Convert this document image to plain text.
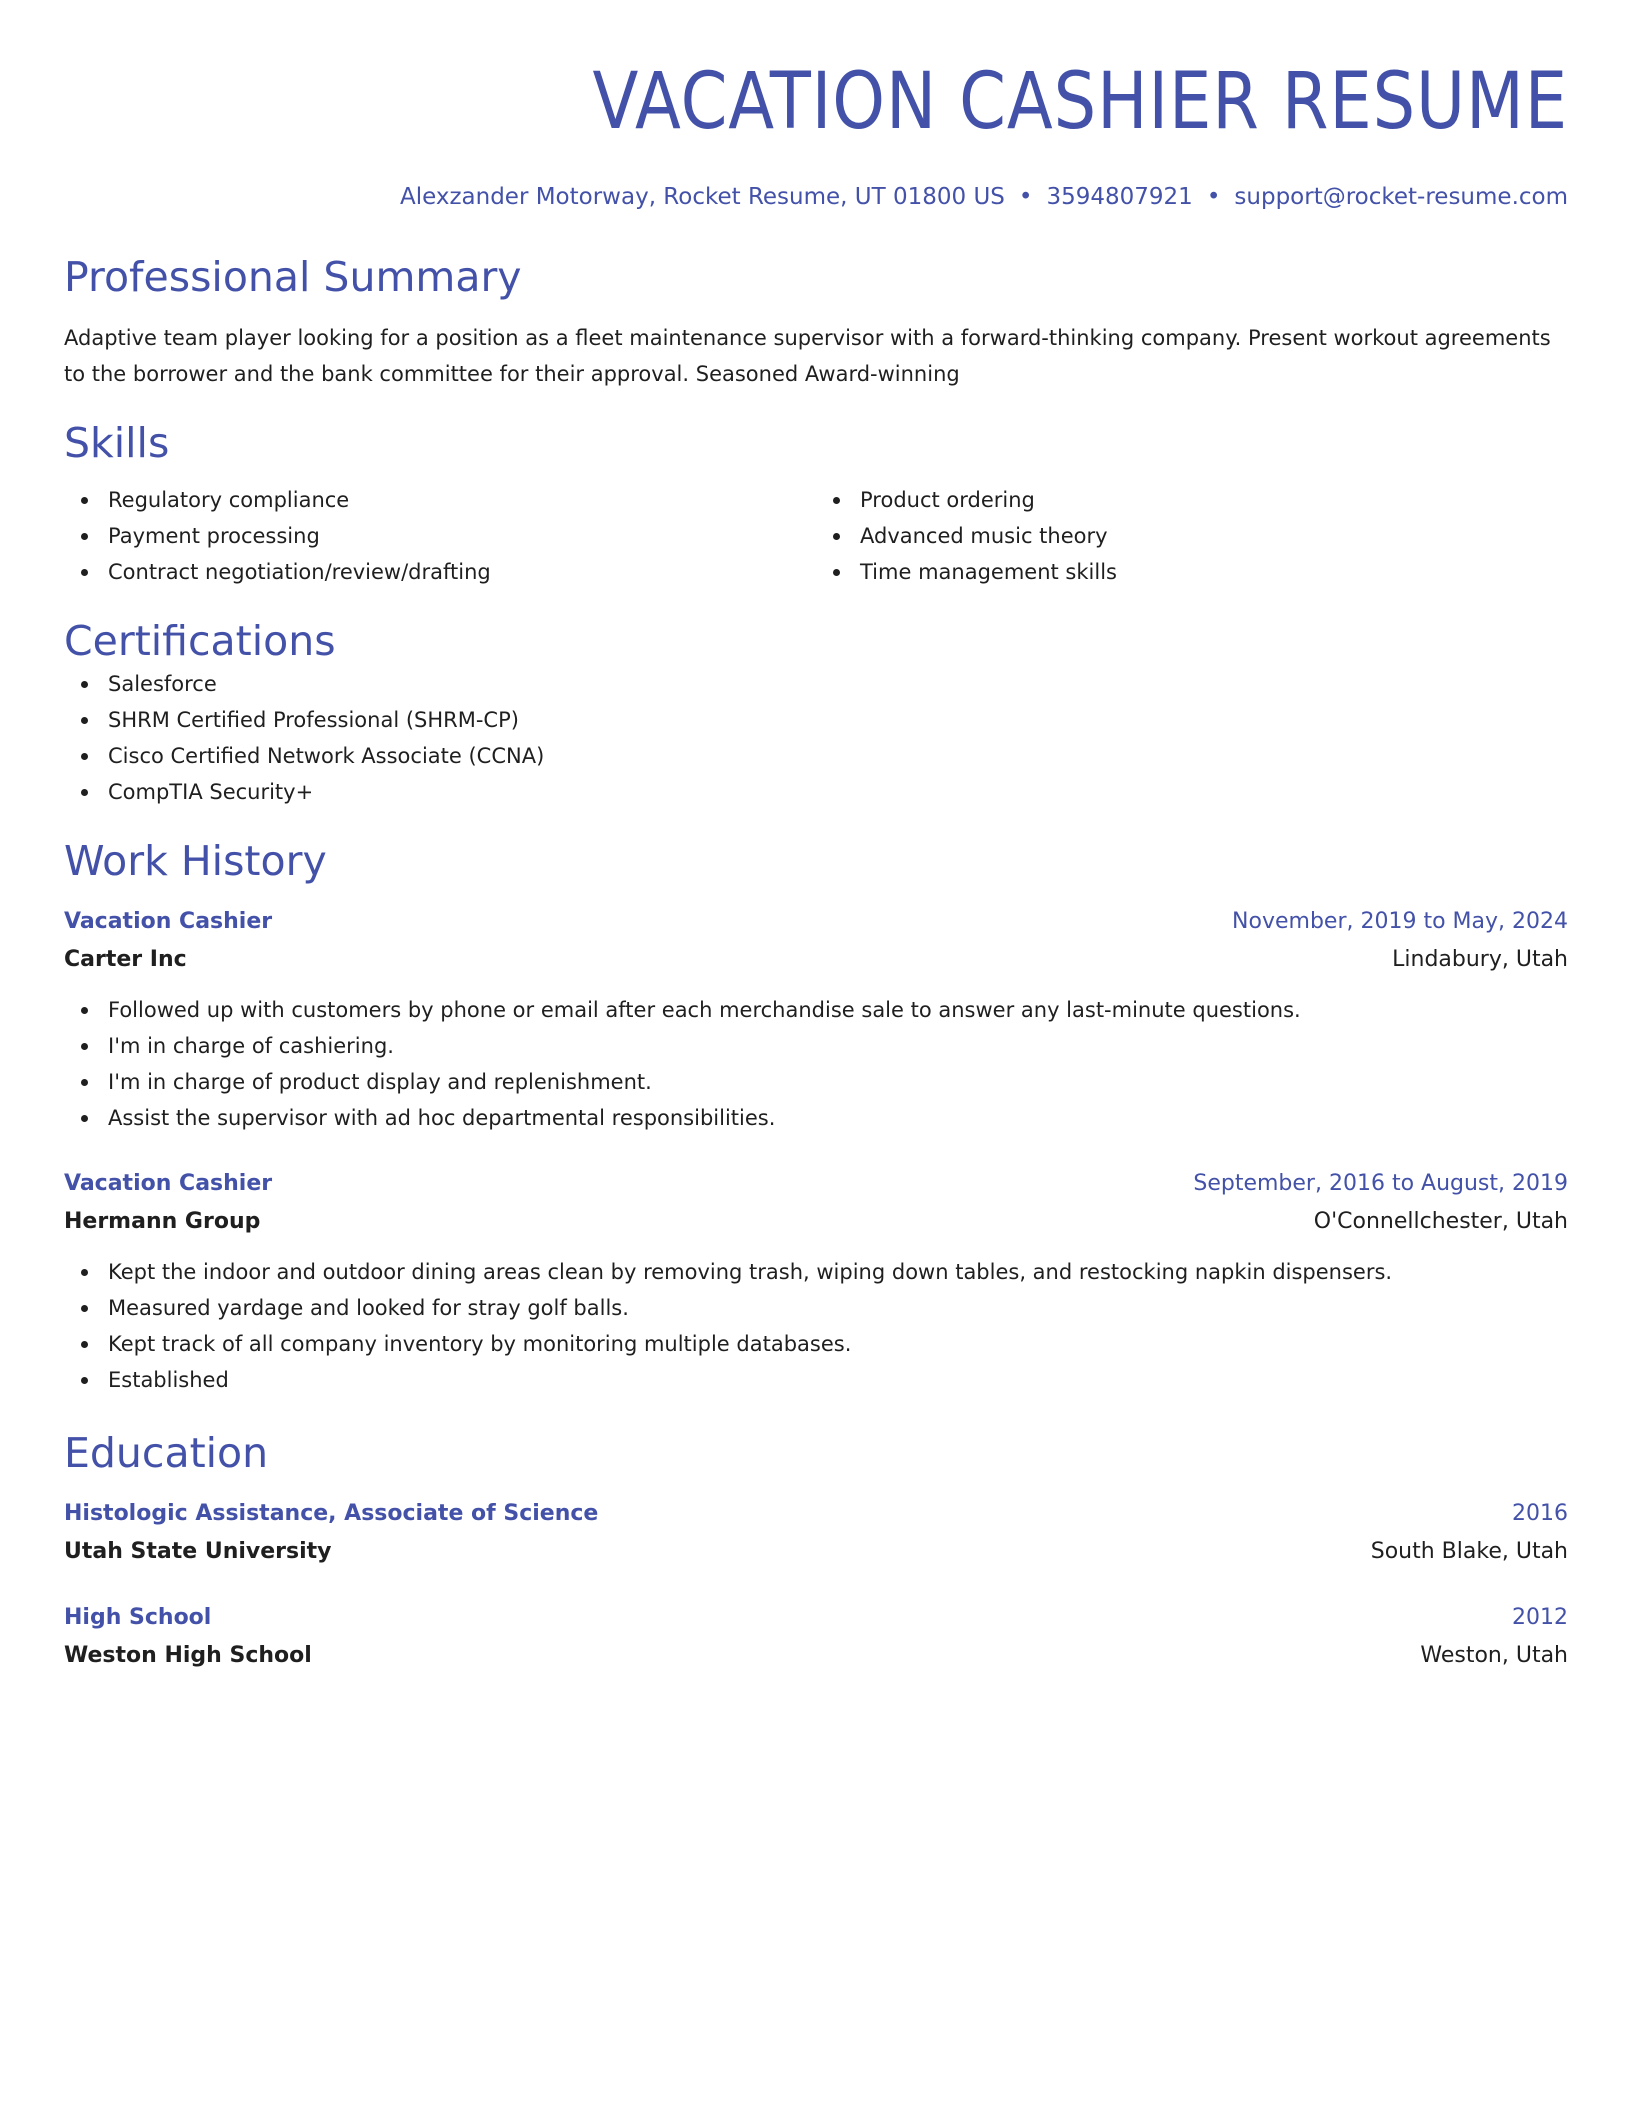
VACATION CASHIER RESUME
Alexzander Motorway, Rocket Resume, UT 01800 US • 3594807921 • support@rocket-resume.com
Professional Summary

Adaptive team player looking for a position as a fleet maintenance supervisor with a forward-thinking company. Present workout agreements to the borrower and the bank committee for their approval. Seasoned Award-winning

Skills
Regulatory compliance
Payment processing
Contract negotiation/review/drafting
Product ordering
Advanced music theory
Time management skills
Certifications
Salesforce
SHRM Certified Professional (SHRM-CP)
Cisco Certified Network Associate (CCNA)
CompTIA Security+
Work History
Vacation Cashier	November, 2019 to May, 2024
Carter Inc	Lindabury, Utah
Followed up with customers by phone or email after each merchandise sale to answer any last-minute questions.
I'm in charge of cashiering.
I'm in charge of product display and replenishment.
Assist the supervisor with ad hoc departmental responsibilities.
Vacation Cashier	September, 2016 to August, 2019
Hermann Group	O'Connellchester, Utah
Kept the indoor and outdoor dining areas clean by removing trash, wiping down tables, and restocking napkin dispensers.
Measured yardage and looked for stray golf balls.
Kept track of all company inventory by monitoring multiple databases.
Established
Education
Histologic Assistance, Associate of Science	2016
Utah State University	South Blake, Utah
High School	2012
Weston High School	Weston, Utah
